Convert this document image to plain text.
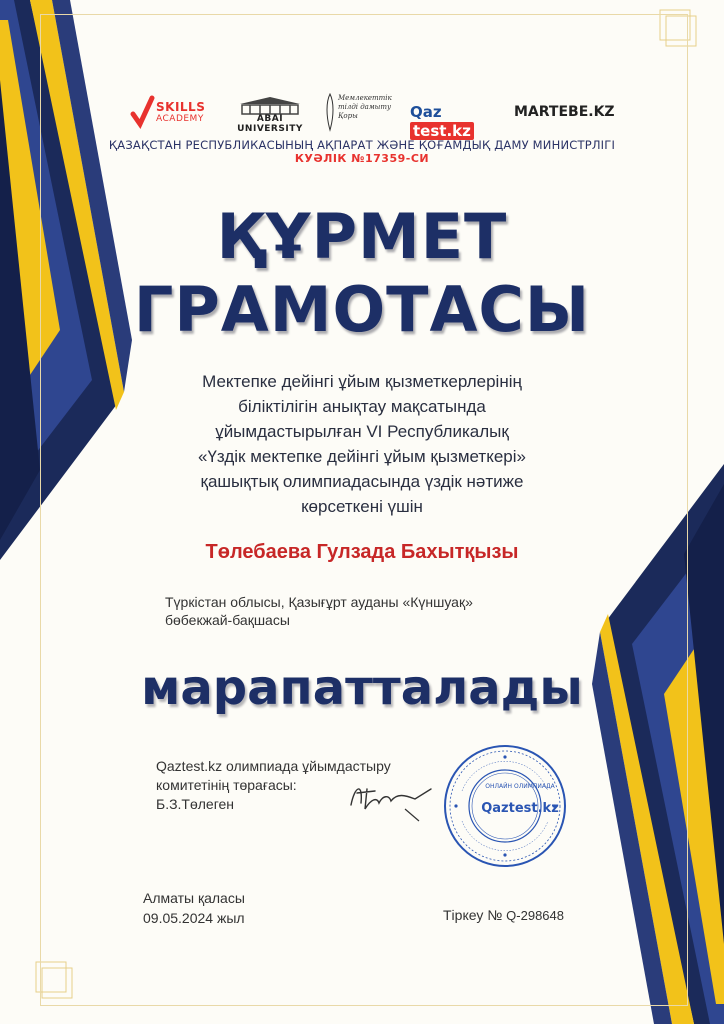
SKILLS
ACADEMY	ABAI UNIVERSITY
Мемлекеттік тілді дамыту Қоры	Qaztest.kz
MARTEBE.KZ
ҚАЗАҚСТАН РЕСПУБЛИКАСЫНЫҢ АҚПАРАТ ЖӘНЕ ҚОҒАМДЫҚ ДАМУ МИНИСТРЛІГІ
КУӘЛІК №17359-СИ
ҚҰРМЕТ
ГРАМОТАСЫ
Мектепке дейінгі ұйым қызметкерлерінің
біліктілігін анықтау мақсатында
ұйымдастырылған VI Республикалық
«Үздік мектепке дейінгі ұйым қызметкері»
қашықтық олимпиадасында үздік нәтиже
көрсеткені үшін
Төлебаева Гулзада Бахытқызы
Түркістан облысы, Қазығұрт ауданы «Күншуақ»
бөбекжай-бақшасы
марапатталады
Qaztest.kz олимпиада ұйымдастыру
комитетінің төрағасы:
Б.З.Төлеген
ОНЛАЙН ОЛИМПИАДА
Qaztest.kz
Алматы қаласы
09.05.2024 жыл	Тіркеу № Q-298648
